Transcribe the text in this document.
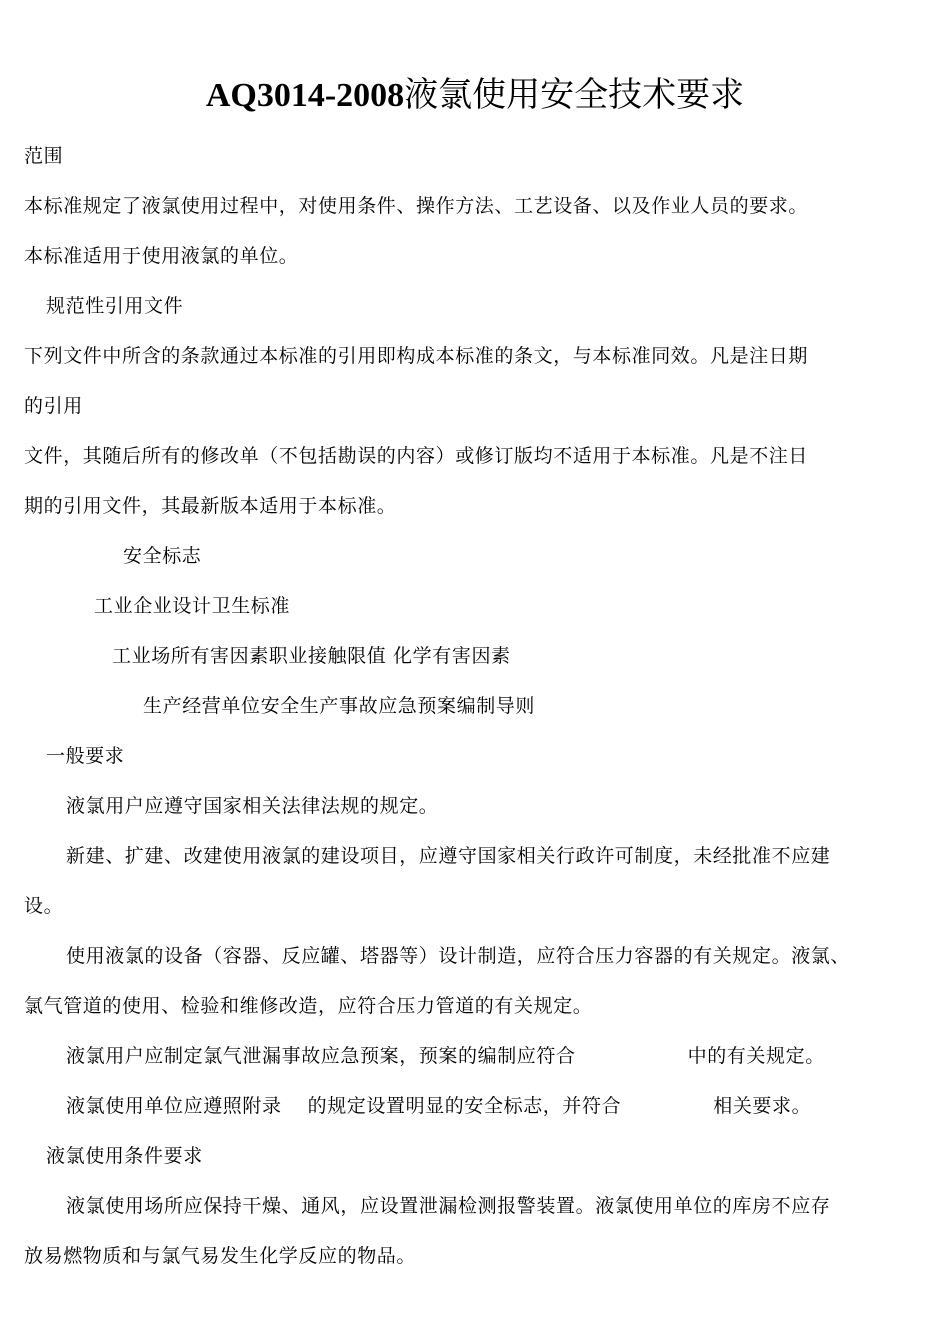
AQ3014-2008液氯使用安全技术要求
范围
本标准规定了液氯使用过程中，对使用条件、操作方法、工艺设备、以及作业人员的要求。
本标准适用于使用液氯的单位。
规范性引用文件
下列文件中所含的条款通过本标准的引用即构成本标准的条文，与本标准同效。凡是注日期
的引用
文件，其随后所有的修改单（不包括勘误的内容）或修订版均不适用于本标准。凡是不注日
期的引用文件，其最新版本适用于本标准。
安全标志
工业企业设计卫生标准
工业场所有害因素职业接触限值 化学有害因素
生产经营单位安全生产事故应急预案编制导则
一般要求
液氯用户应遵守国家相关法律法规的规定。
新建、扩建、改建使用液氯的建设项目，应遵守国家相关行政许可制度，未经批准不应建
设。
使用液氯的设备（容器、反应罐、塔器等）设计制造，应符合压力容器的有关规定。液氯、
氯气管道的使用、检验和维修改造，应符合压力管道的有关规定。
液氯用户应制定氯气泄漏事故应急预案，预案的编制应符合	中的有关规定。
液氯使用单位应遵照附录 的规定设置明显的安全标志，并符合	相关要求。
液氯使用条件要求
液氯使用场所应保持干燥、通风，应设置泄漏检测报警装置。液氯使用单位的库房不应存
放易燃物质和与氯气易发生化学反应的物品。
